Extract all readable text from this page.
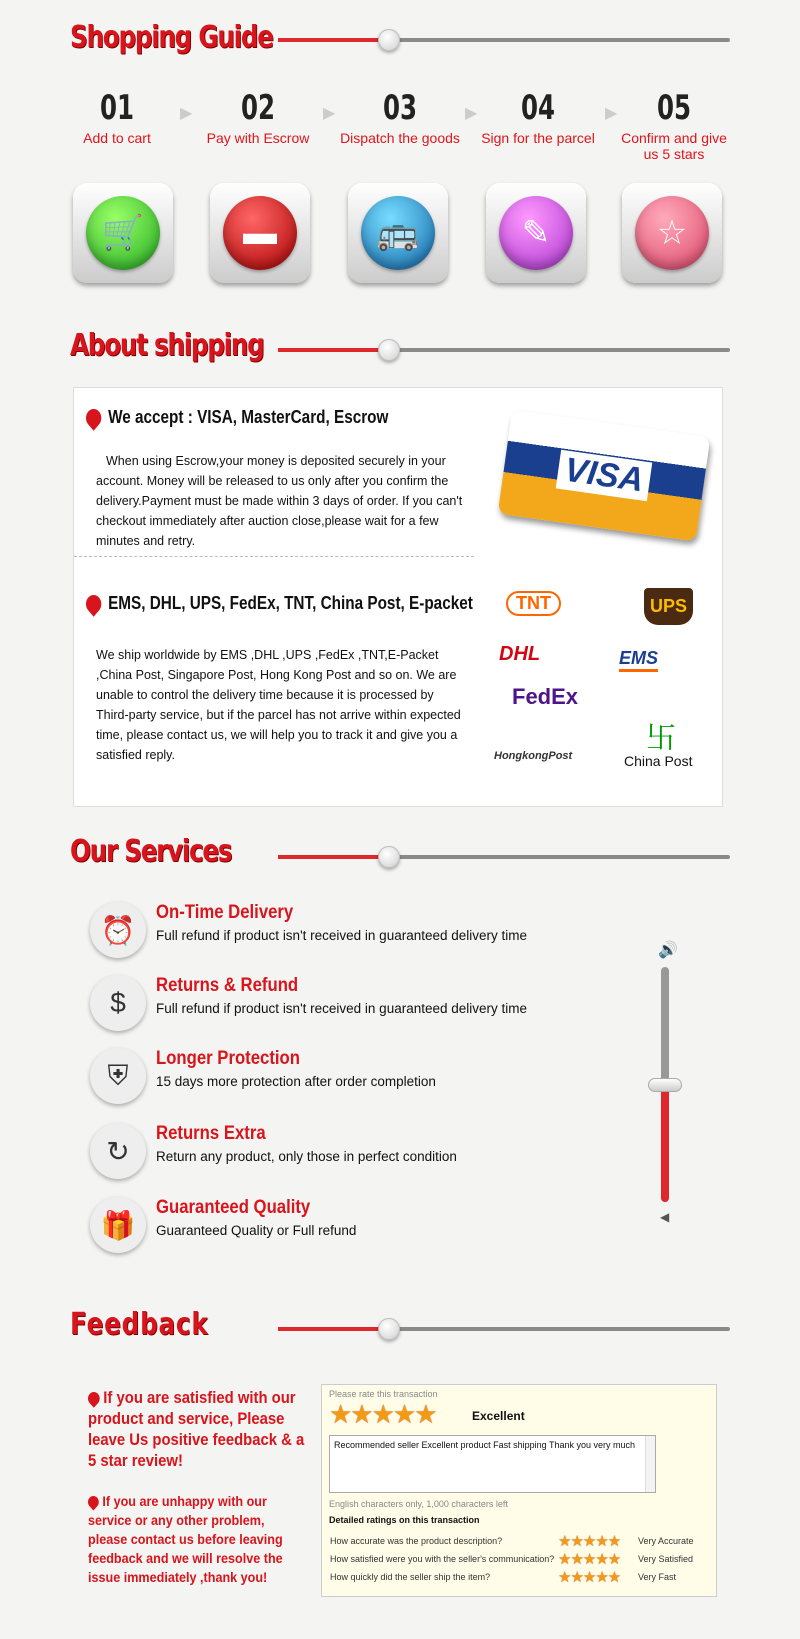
Shopping Guide
01
Add to cart
02
Pay with Escrow
03
Dispatch the goods
04
Sign for the parcel
05
Confirm and give us 5 stars
▶	▶	▶	▶
🛒	▬	🚌	✎	☆
About shipping
We accept : VISA, MasterCard, Escrow
When using Escrow,your money is deposited securely in your account. Money will be released to us only after you confirm the delivery.Payment must be made within 3 days of order. If you can't checkout immediately after auction close,please wait for a few minutes and retry.
VISA
EMS, DHL, UPS, FedEx, TNT, China Post, E-packet
We ship worldwide by EMS ,DHL ,UPS ,FedEx ,TNT,E-Packet ,China Post, Singapore Post, Hong Kong Post and so on. We are unable to control the delivery time because it is processed by Third-party service, but if the parcel has not arrive within expected time, please contact us, we will help you to track it and give you a satisfied reply.
TNT	UPS
DHL	EMS
FedEx
HongkongPost
卐
China Post
Our Services
⏰
On-Time Delivery
Full refund if product isn't received in guaranteed delivery time
$
Returns & Refund
Full refund if product isn't received in guaranteed delivery time
⛨
Longer Protection
15 days more protection after order completion
↻
Returns Extra
Return any product, only those in perfect condition
🎁
Guaranteed Quality
Guaranteed Quality or Full refund
🔊
◀
Feedback
If you are satisfied with our product and service, Please leave Us positive feedback & a 5 star review!
If you are unhappy with our service or any other problem, please contact us before leaving feedback and we will resolve the issue immediately ,thank you!
Please rate this transaction
★★★★★	Excellent
Recommended seller Excellent product Fast shipping Thank you very much
English characters only, 1,000 characters left
Detailed ratings on this transaction
How accurate was the product description?	★★★★★ Very Accurate
How satisfied were you with the seller's communication? ★★★★★ Very Satisfied
How quickly did the seller ship the item?	★★★★★ Very Fast
